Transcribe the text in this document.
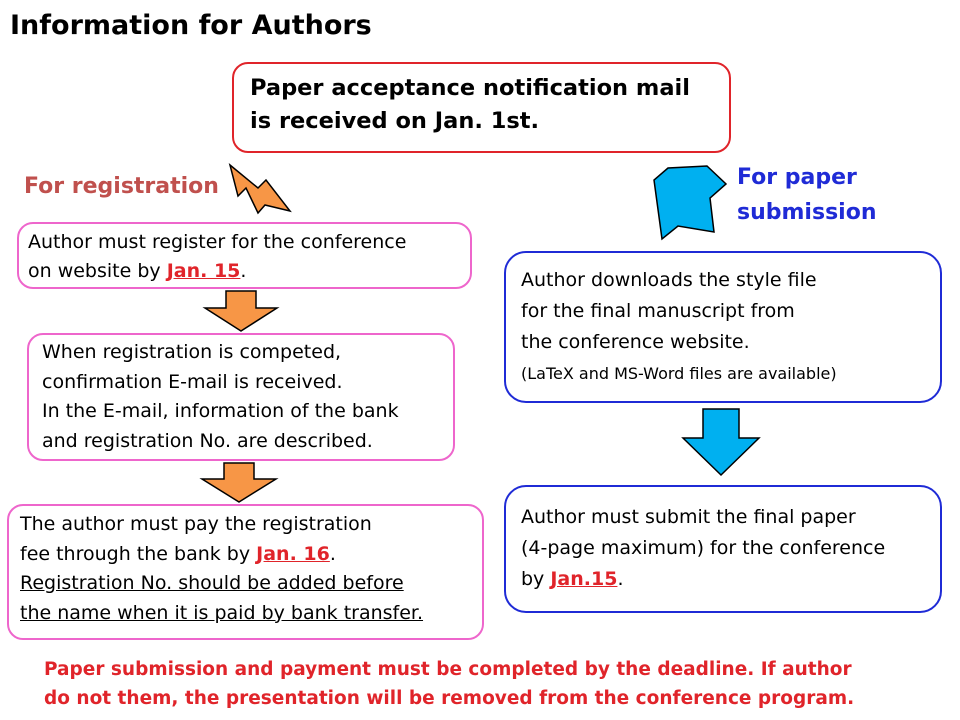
Information for Authors
Paper acceptance notification mail
is received on Jan. 1st.
For registration	For paper
submission
Author must register for the conference
on website by Jan. 15.
When registration is competed,
confirmation E-mail is received.
In the E-mail, information of the bank
and registration No. are described.
The author must pay the registration
fee through the bank by Jan. 16.
Registration No. should be added before
the name when it is paid by bank transfer.
Author downloads the style file
for the final manuscript from
the conference website.
(LaTeX and MS-Word files are available)
Author must submit the final paper
(4-page maximum) for the conference
by Jan.15.
Paper submission and payment must be completed by the deadline. If author
do not them, the presentation will be removed from the conference program.
